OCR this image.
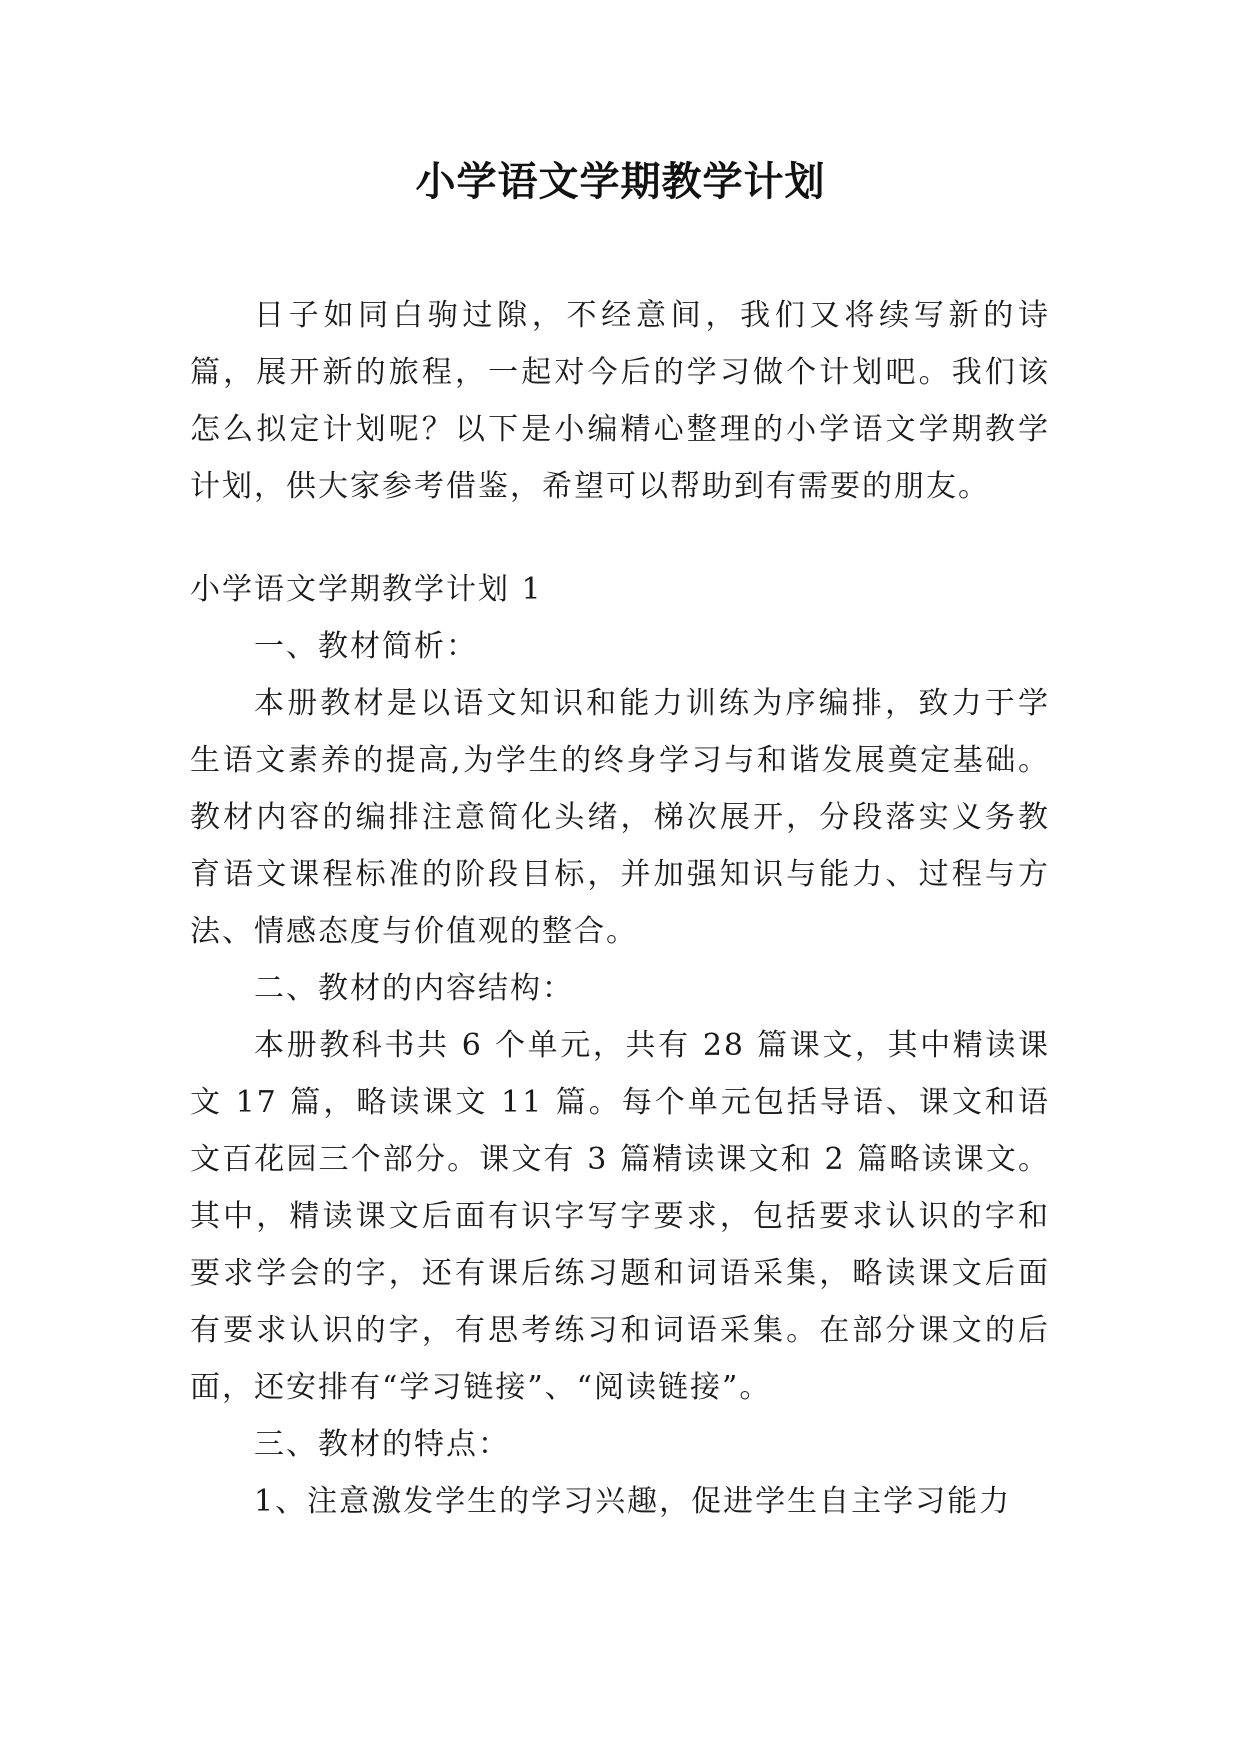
小学语文学期教学计划

日子如同白驹过隙，不经意间，我们又将续写新的诗篇，展开新的旅程，一起对今后的学习做个计划吧。我们该怎么拟定计划呢？以下是小编精心整理的小学语文学期教学计划，供大家参考借鉴，希望可以帮助到有需要的朋友。

小学语文学期教学计划 1

一、教材简析：

本册教材是以语文知识和能力训练为序编排，致力于学生语文素养的提高,为学生的终身学习与和谐发展奠定基础。教材内容的编排注意简化头绪，梯次展开，分段落实义务教育语文课程标准的阶段目标，并加强知识与能力、过程与方法、情感态度与价值观的整合。

二、教材的内容结构：

本册教科书共 6 个单元，共有 28 篇课文，其中精读课文 17 篇，略读课文 11 篇。每个单元包括导语、课文和语文百花园三个部分。课文有 3 篇精读课文和 2 篇略读课文。其中，精读课文后面有识字写字要求，包括要求认识的字和要求学会的字，还有课后练习题和词语采集，略读课文后面有要求认识的字，有思考练习和词语采集。在部分课文的后面，还安排有“学习链接”、“阅读链接”。

三、教材的特点：

1、注意激发学生的学习兴趣，促进学生自主学习能力
